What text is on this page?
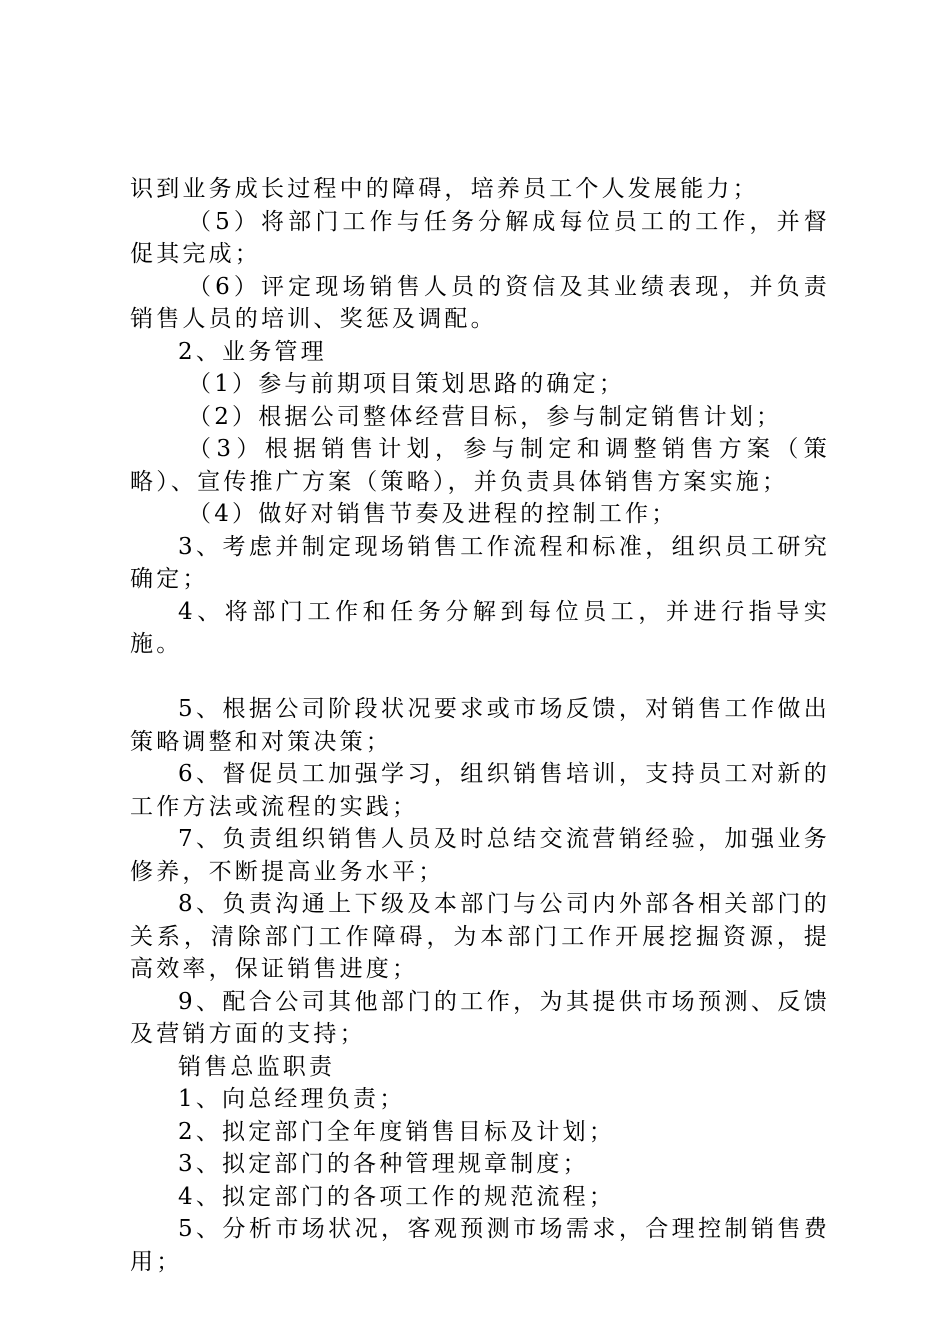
识到业务成长过程中的障碍，培养员工个人发展能力；

（5）将部门工作与任务分解成每位员工的工作，并督促其完成；

（6）评定现场销售人员的资信及其业绩表现，并负责销售人员的培训、奖惩及调配。

2、业务管理

（1）参与前期项目策划思路的确定；

（2）根据公司整体经营目标，参与制定销售计划；

（3）根据销售计划，参与制定和调整销售方案（策略）、宣传推广方案（策略），并负责具体销售方案实施；

（4）做好对销售节奏及进程的控制工作；

3、考虑并制定现场销售工作流程和标准，组织员工研究确定；

4、将部门工作和任务分解到每位员工，并进行指导实施。

5、根据公司阶段状况要求或市场反馈，对销售工作做出策略调整和对策决策；

6、督促员工加强学习，组织销售培训，支持员工对新的工作方法或流程的实践；

7、负责组织销售人员及时总结交流营销经验，加强业务修养，不断提高业务水平；

8、负责沟通上下级及本部门与公司内外部各相关部门的关系，清除部门工作障碍，为本部门工作开展挖掘资源，提高效率，保证销售进度；

9、配合公司其他部门的工作，为其提供市场预测、反馈及营销方面的支持；

销售总监职责

1、向总经理负责；

2、拟定部门全年度销售目标及计划；

3、拟定部门的各种管理规章制度；

4、拟定部门的各项工作的规范流程；

5、分析市场状况，客观预测市场需求，合理控制销售费用；
